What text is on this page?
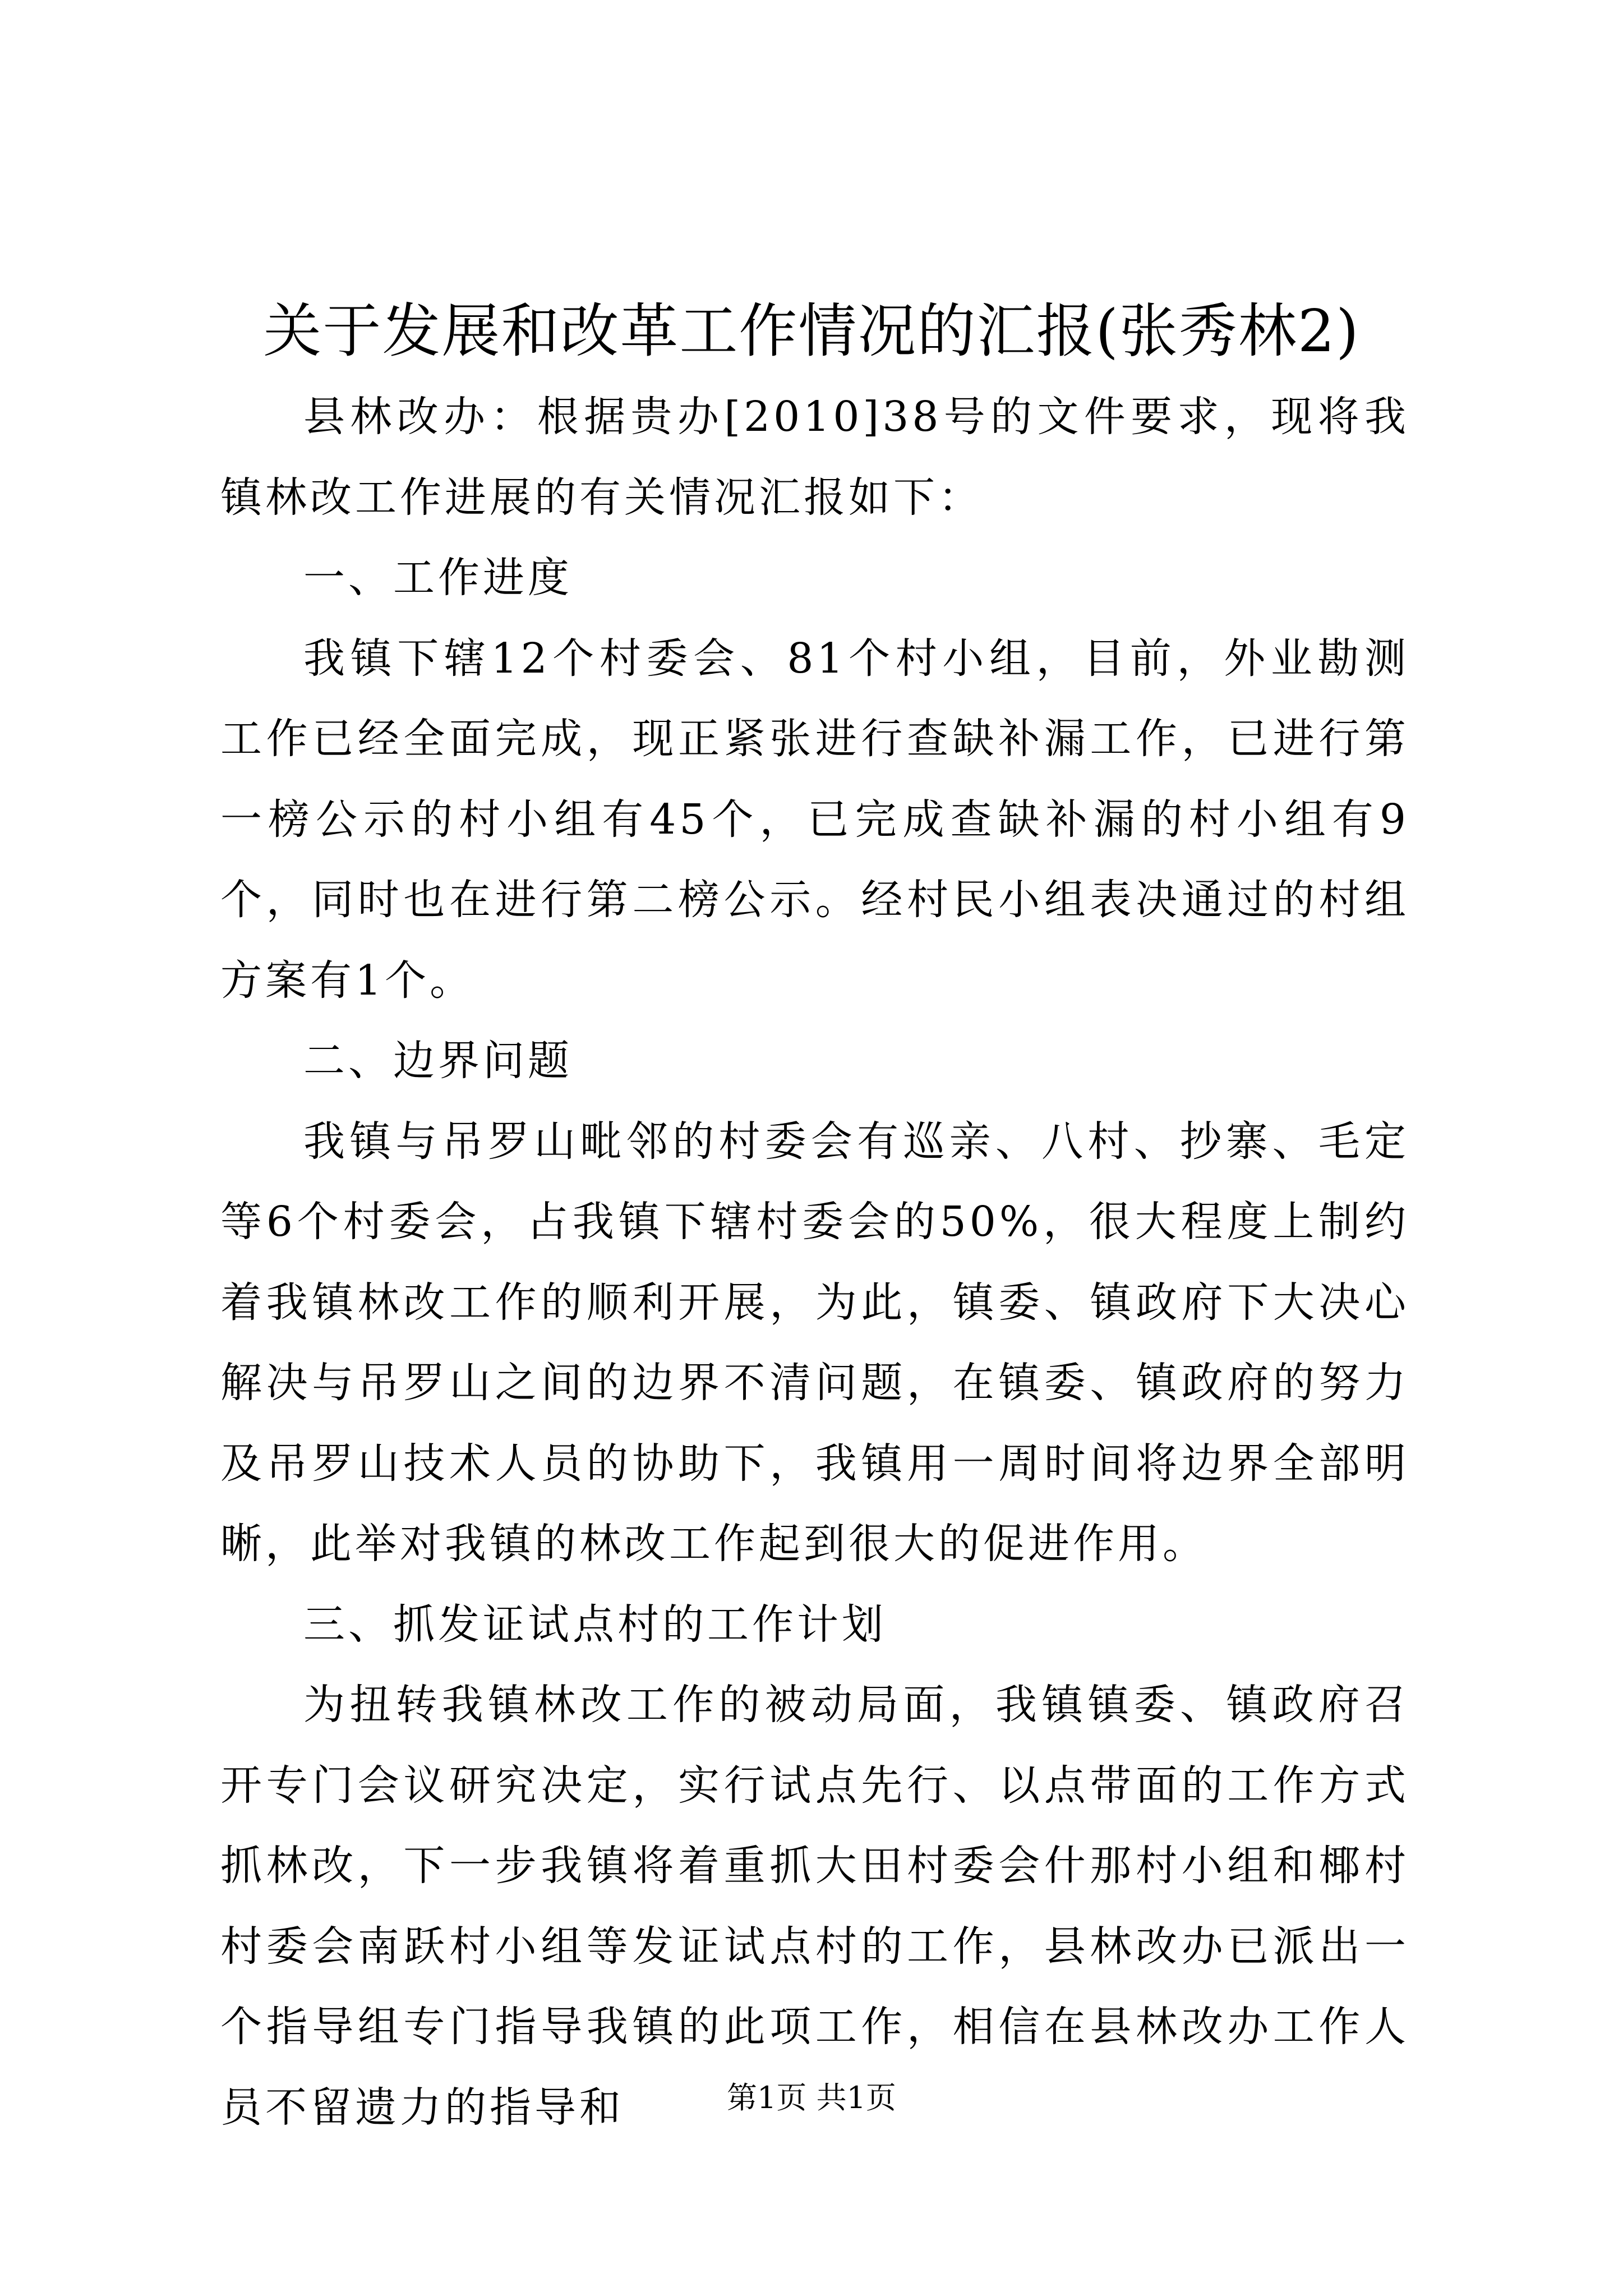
关于发展和改革工作情况的汇报(张秀林2)

县林改办：根据贵办[2010]38号的文件要求，现将我镇林改工作进展的有关情况汇报如下：

一、工作进度

我镇下辖12个村委会、81个村小组，目前，外业勘测工作已经全面完成，现正紧张进行查缺补漏工作，已进行第一榜公示的村小组有45个，已完成查缺补漏的村小组有9个，同时也在进行第二榜公示。经村民小组表决通过的村组方案有1个。

二、边界问题

我镇与吊罗山毗邻的村委会有巡亲、八村、抄寨、毛定等6个村委会，占我镇下辖村委会的50%，很大程度上制约着我镇林改工作的顺利开展，为此，镇委、镇政府下大决心解决与吊罗山之间的边界不清问题，在镇委、镇政府的努力及吊罗山技术人员的协助下，我镇用一周时间将边界全部明晰，此举对我镇的林改工作起到很大的促进作用。

三、抓发证试点村的工作计划

为扭转我镇林改工作的被动局面，我镇镇委、镇政府召开专门会议研究决定，实行试点先行、以点带面的工作方式抓林改，下一步我镇将着重抓大田村委会什那村小组和椰村村委会南跃村小组等发证试点村的工作，县林改办已派出一个指导组专门指导我镇的此项工作，相信在县林改办工作人员不留遗力的指导和	第1页 共1页
